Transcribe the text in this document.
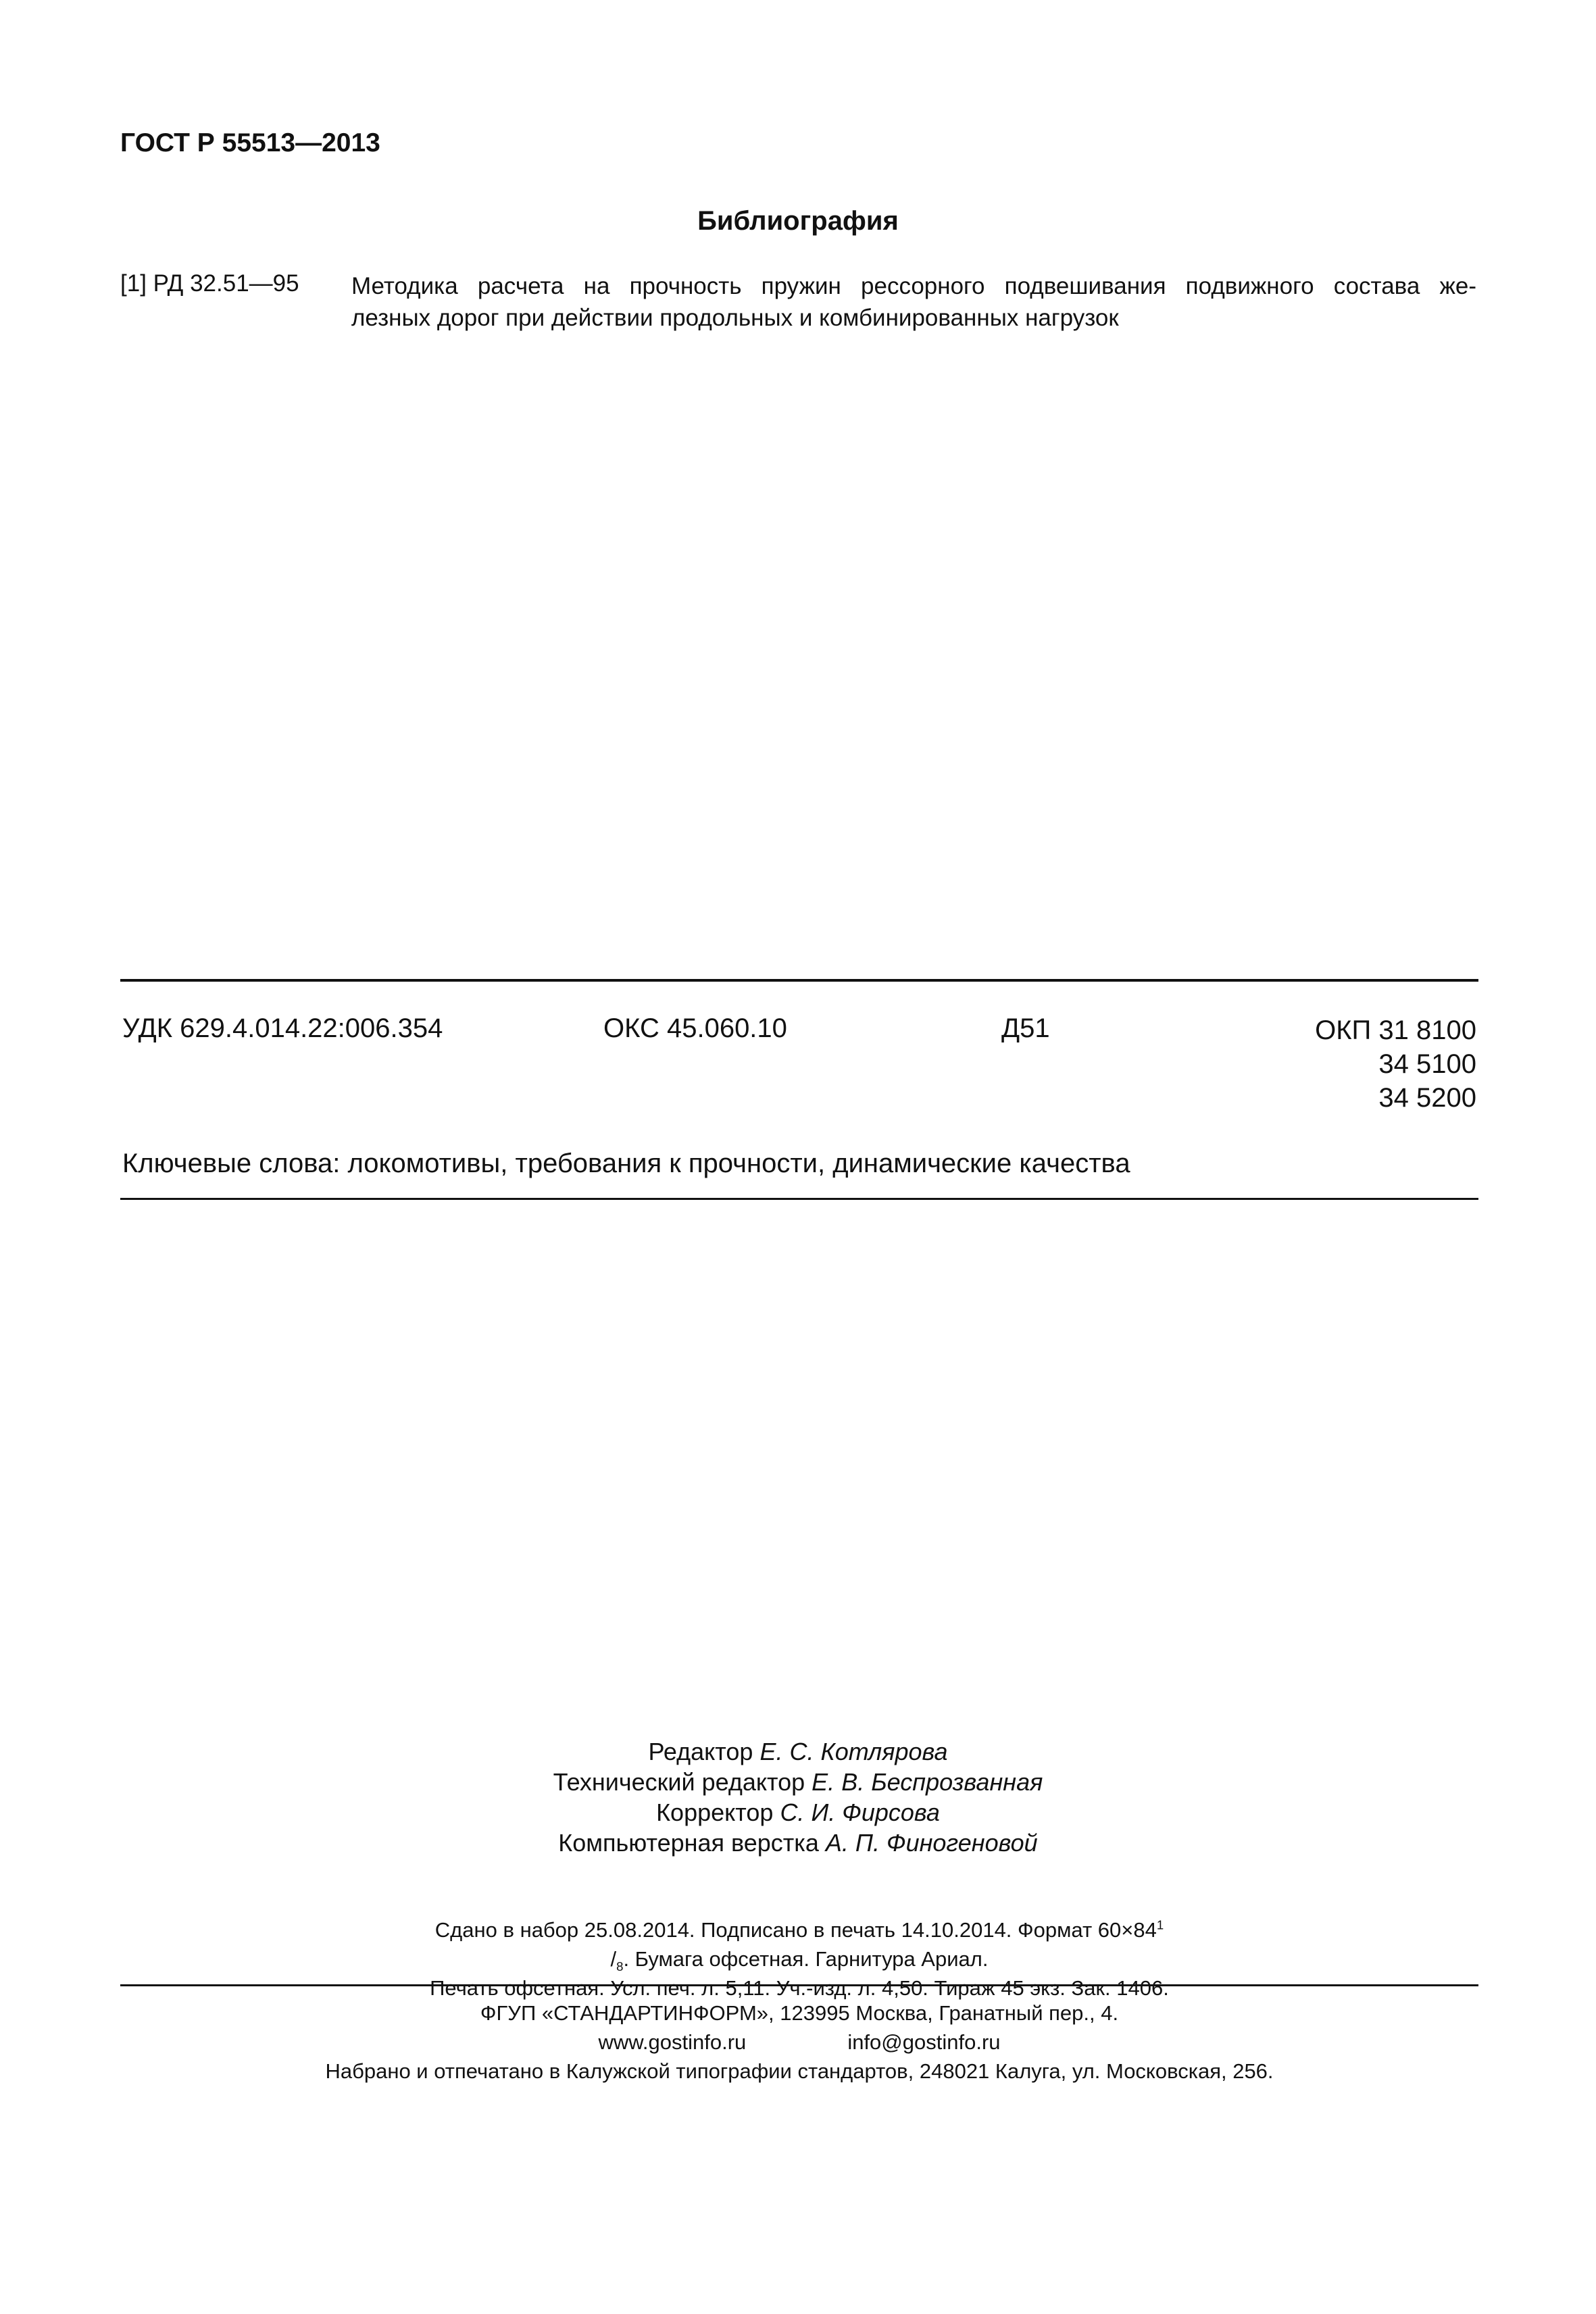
ГОСТ Р 55513—2013
Библиография
[1] РД 32.51—95 Методика расчета на прочность пружин рессорного подвешивания подвижного состава же-
лезных дорог при действии продольных и комбинированных нагрузок
УДК 629.4.014.22:006.354	ОКС 45.060.10	Д51	ОКП 31 8100
34 5100
34 5200
Ключевые слова: локомотивы, требования к прочности, динамические качества
Редактор Е. С. Котлярова
Технический редактор Е. В. Беспрозванная
Корректор С. И. Фирсова
Компьютерная верстка А. П. Финогеновой
Сдано в набор 25.08.2014. Подписано в печать 14.10.2014. Формат $60\times 84^1$
$/_8$. Бумага офсетная. Гарнитура Ариал.
Печать офсетная. Усл. печ. л. 5,11. Уч.-изд. л. 4,50. Тираж 45 экз. Зак. 1406.
ФГУП «СТАНДАРТИНФОРМ», 123995 Москва, Гранатный пер., 4.
www.gostinfo.ru	info@gostinfo.ru
Набрано и отпечатано в Калужской типографии стандартов, 248021 Калуга, ул. Московская, 256.
